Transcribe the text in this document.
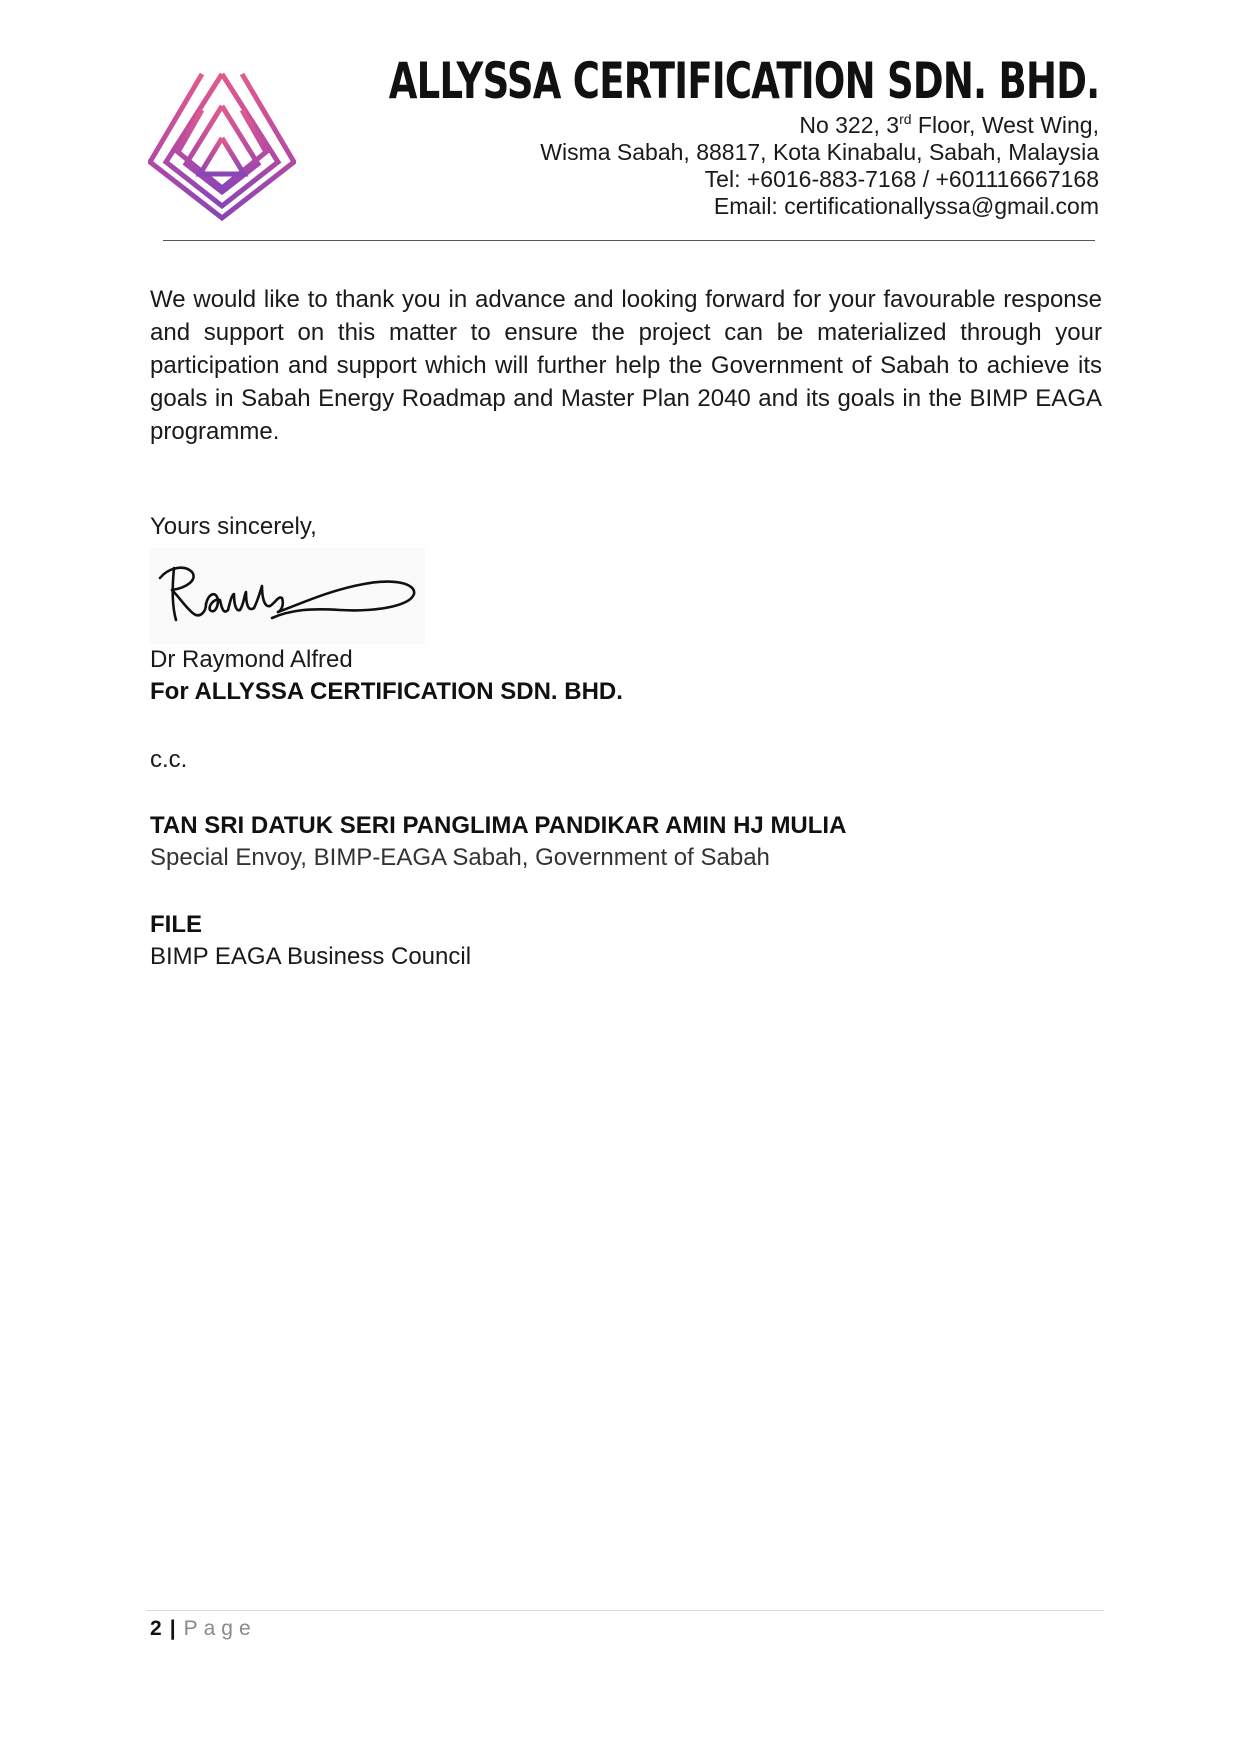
ALLYSSA CERTIFICATION SDN. BHD.
No 322, 3rd Floor, West Wing,
Wisma Sabah, 88817, Kota Kinabalu, Sabah, Malaysia
Tel: +6016-883-7168 / +601116667168
Email: certificationallyssa@gmail.com
We would like to thank you in advance and looking forward for your favourable response and support on this matter to ensure the project can be materialized through your participation and support which will further help the Government of Sabah to achieve its goals in Sabah Energy Roadmap and Master Plan 2040 and its goals in the BIMP EAGA programme.
Yours sincerely,
Dr Raymond Alfred
For ALLYSSA CERTIFICATION SDN. BHD.
c.c.
TAN SRI DATUK SERI PANGLIMA PANDIKAR AMIN HJ MULIA
Special Envoy, BIMP-EAGA Sabah, Government of Sabah
FILE
BIMP EAGA Business Council
2 | Page
